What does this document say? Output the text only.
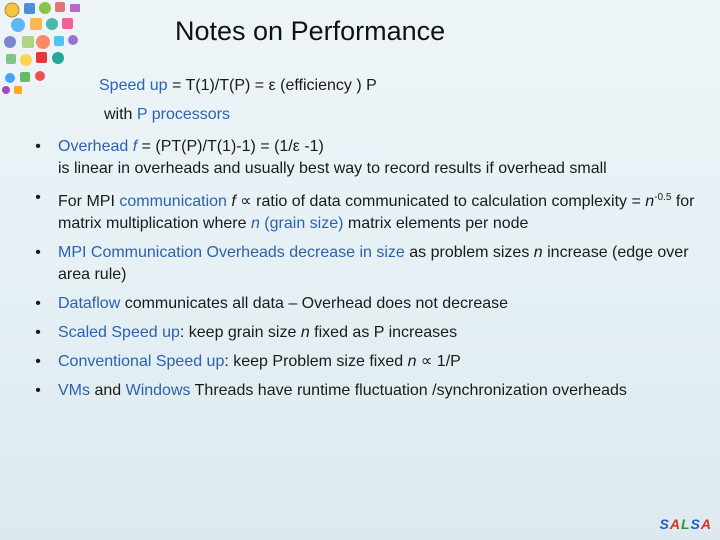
Notes on Performance
Speed up = T(1)/T(P) = ε (efficiency ) P
with P processors
• Overhead f = (PT(P)/T(1)-1) = (1/ε -1)
is linear in overheads and usually best way to record results if overhead small
• For MPI communication f ∝ ratio of data communicated to calculation complexity = $n^{-0.5}$ for matrix multiplication where n (grain size) matrix elements per node
• MPI Communication Overheads decrease in size as problem sizes n increase (edge over area rule)
• Dataflow communicates all data – Overhead does not decrease
• Scaled Speed up: keep grain size n fixed as P increases
• Conventional Speed up: keep Problem size fixed n ∝ 1/P
• VMs and Windows Threads have runtime fluctuation /synchronization overheads
SALSA
